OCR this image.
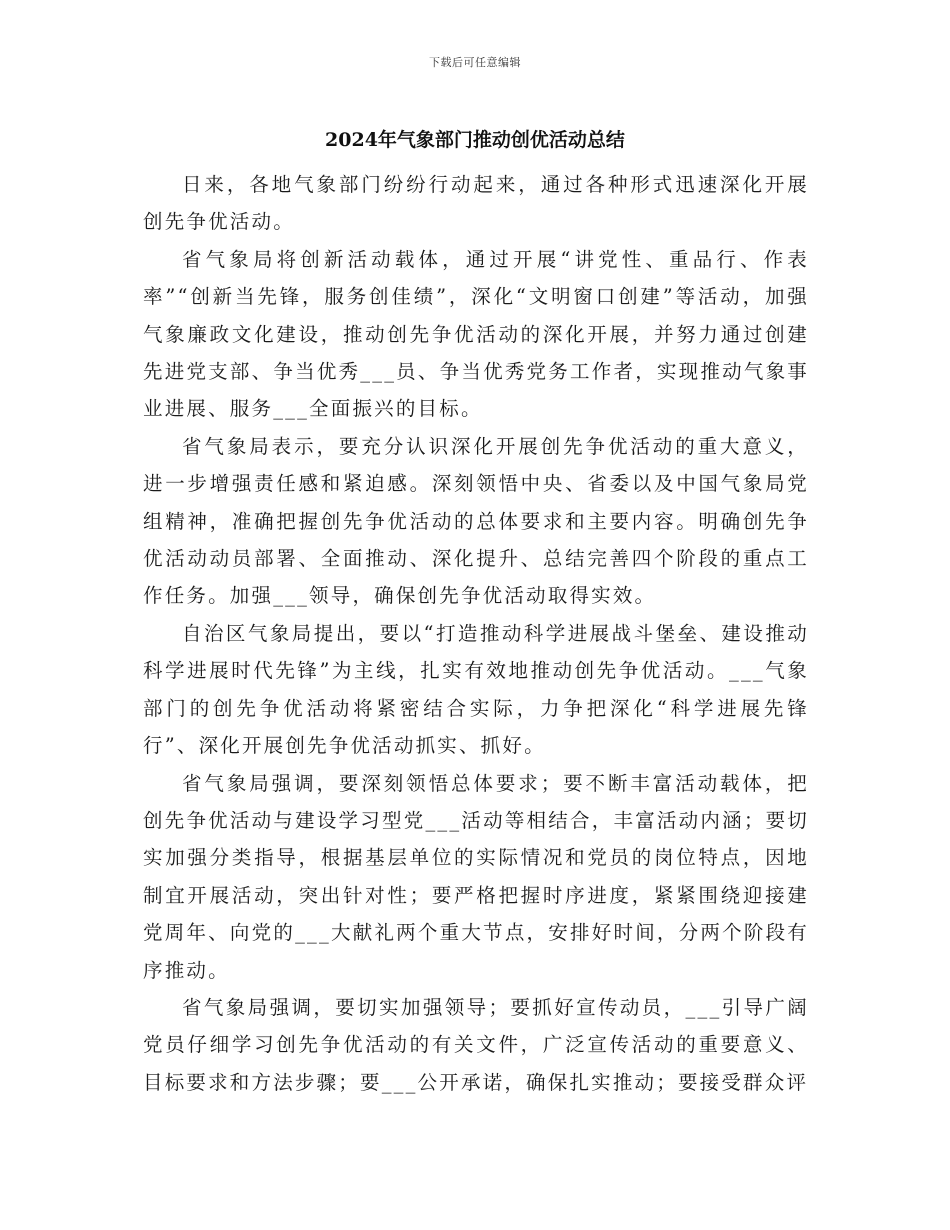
下载后可任意编辑
2024年气象部门推动创优活动总结

日来，各地气象部门纷纷行动起来，通过各种形式迅速深化开展创先争优活动。

省气象局将创新活动载体，通过开展“讲党性、重品行、作表率”“创新当先锋，服务创佳绩”，深化“文明窗口创建”等活动，加强气象廉政文化建设，推动创先争优活动的深化开展，并努力通过创建先进党支部、争当优秀___员、争当优秀党务工作者，实现推动气象事业进展、服务___全面振兴的目标。

省气象局表示，要充分认识深化开展创先争优活动的重大意义，进一步增强责任感和紧迫感。深刻领悟中央、省委以及中国气象局党组精神，准确把握创先争优活动的总体要求和主要内容。明确创先争优活动动员部署、全面推动、深化提升、总结完善四个阶段的重点工作任务。加强___领导，确保创先争优活动取得实效。

自治区气象局提出，要以“打造推动科学进展战斗堡垒、建设推动科学进展时代先锋”为主线，扎实有效地推动创先争优活动。___气象部门的创先争优活动将紧密结合实际，力争把深化“科学进展先锋行”、深化开展创先争优活动抓实、抓好。

省气象局强调，要深刻领悟总体要求；要不断丰富活动载体，把创先争优活动与建设学习型党___活动等相结合，丰富活动内涵；要切实加强分类指导，根据基层单位的实际情况和党员的岗位特点，因地制宜开展活动，突出针对性；要严格把握时序进度，紧紧围绕迎接建党周年、向党的___大献礼两个重大节点，安排好时间，分两个阶段有序推动。

省气象局强调，要切实加强领导；要抓好宣传动员，___引导广阔党员仔细学习创先争优活动的有关文件，广泛宣传活动的重要意义、目标要求和方法步骤；要___公开承诺，确保扎实推动；要接受群众评
